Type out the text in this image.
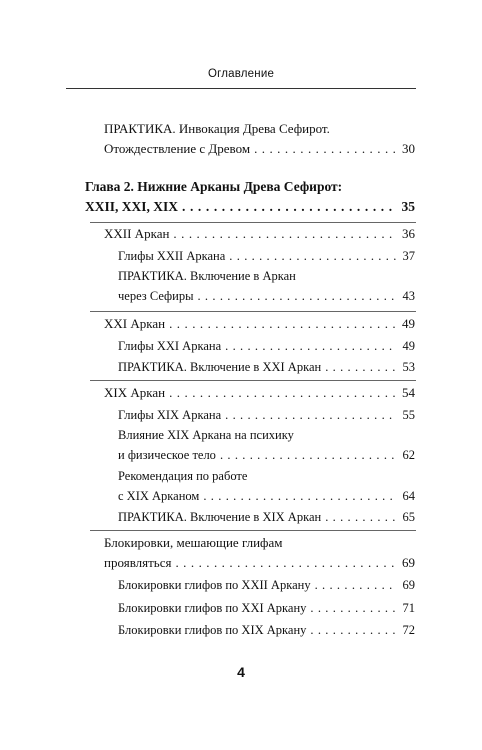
Оглавление
ПРАКТИКА. Инвокация Древа Сефирот.
Отождествление с Древом . . .	30
Глава 2. Нижние Арканы Древа Сефирот:
XXII, XXI, XIX . . .	35
XXII Аркан . . .	36
Глифы XXII Аркана . . .	37
ПРАКТИКА. Включение в Аркан
через Сефиры . . .	43
XXI Аркан . . .	49
Глифы XXI Аркана . . .	49
ПРАКТИКА. Включение в XXI Аркан . . .	53
XIX Аркан . . .	54
Глифы XIX Аркана . . .	55
Влияние XIX Аркана на психику
и физическое тело . . .	62
Рекомендация по работе
с XIX Арканом . . .	64
ПРАКТИКА. Включение в XIX Аркан . . .	65
Блокировки, мешающие глифам
проявляться . . .	69
Блокировки глифов по XXII Аркану . . .	69
Блокировки глифов по XXI Аркану . . .	71
Блокировки глифов по XIX Аркану . . .	72
4
